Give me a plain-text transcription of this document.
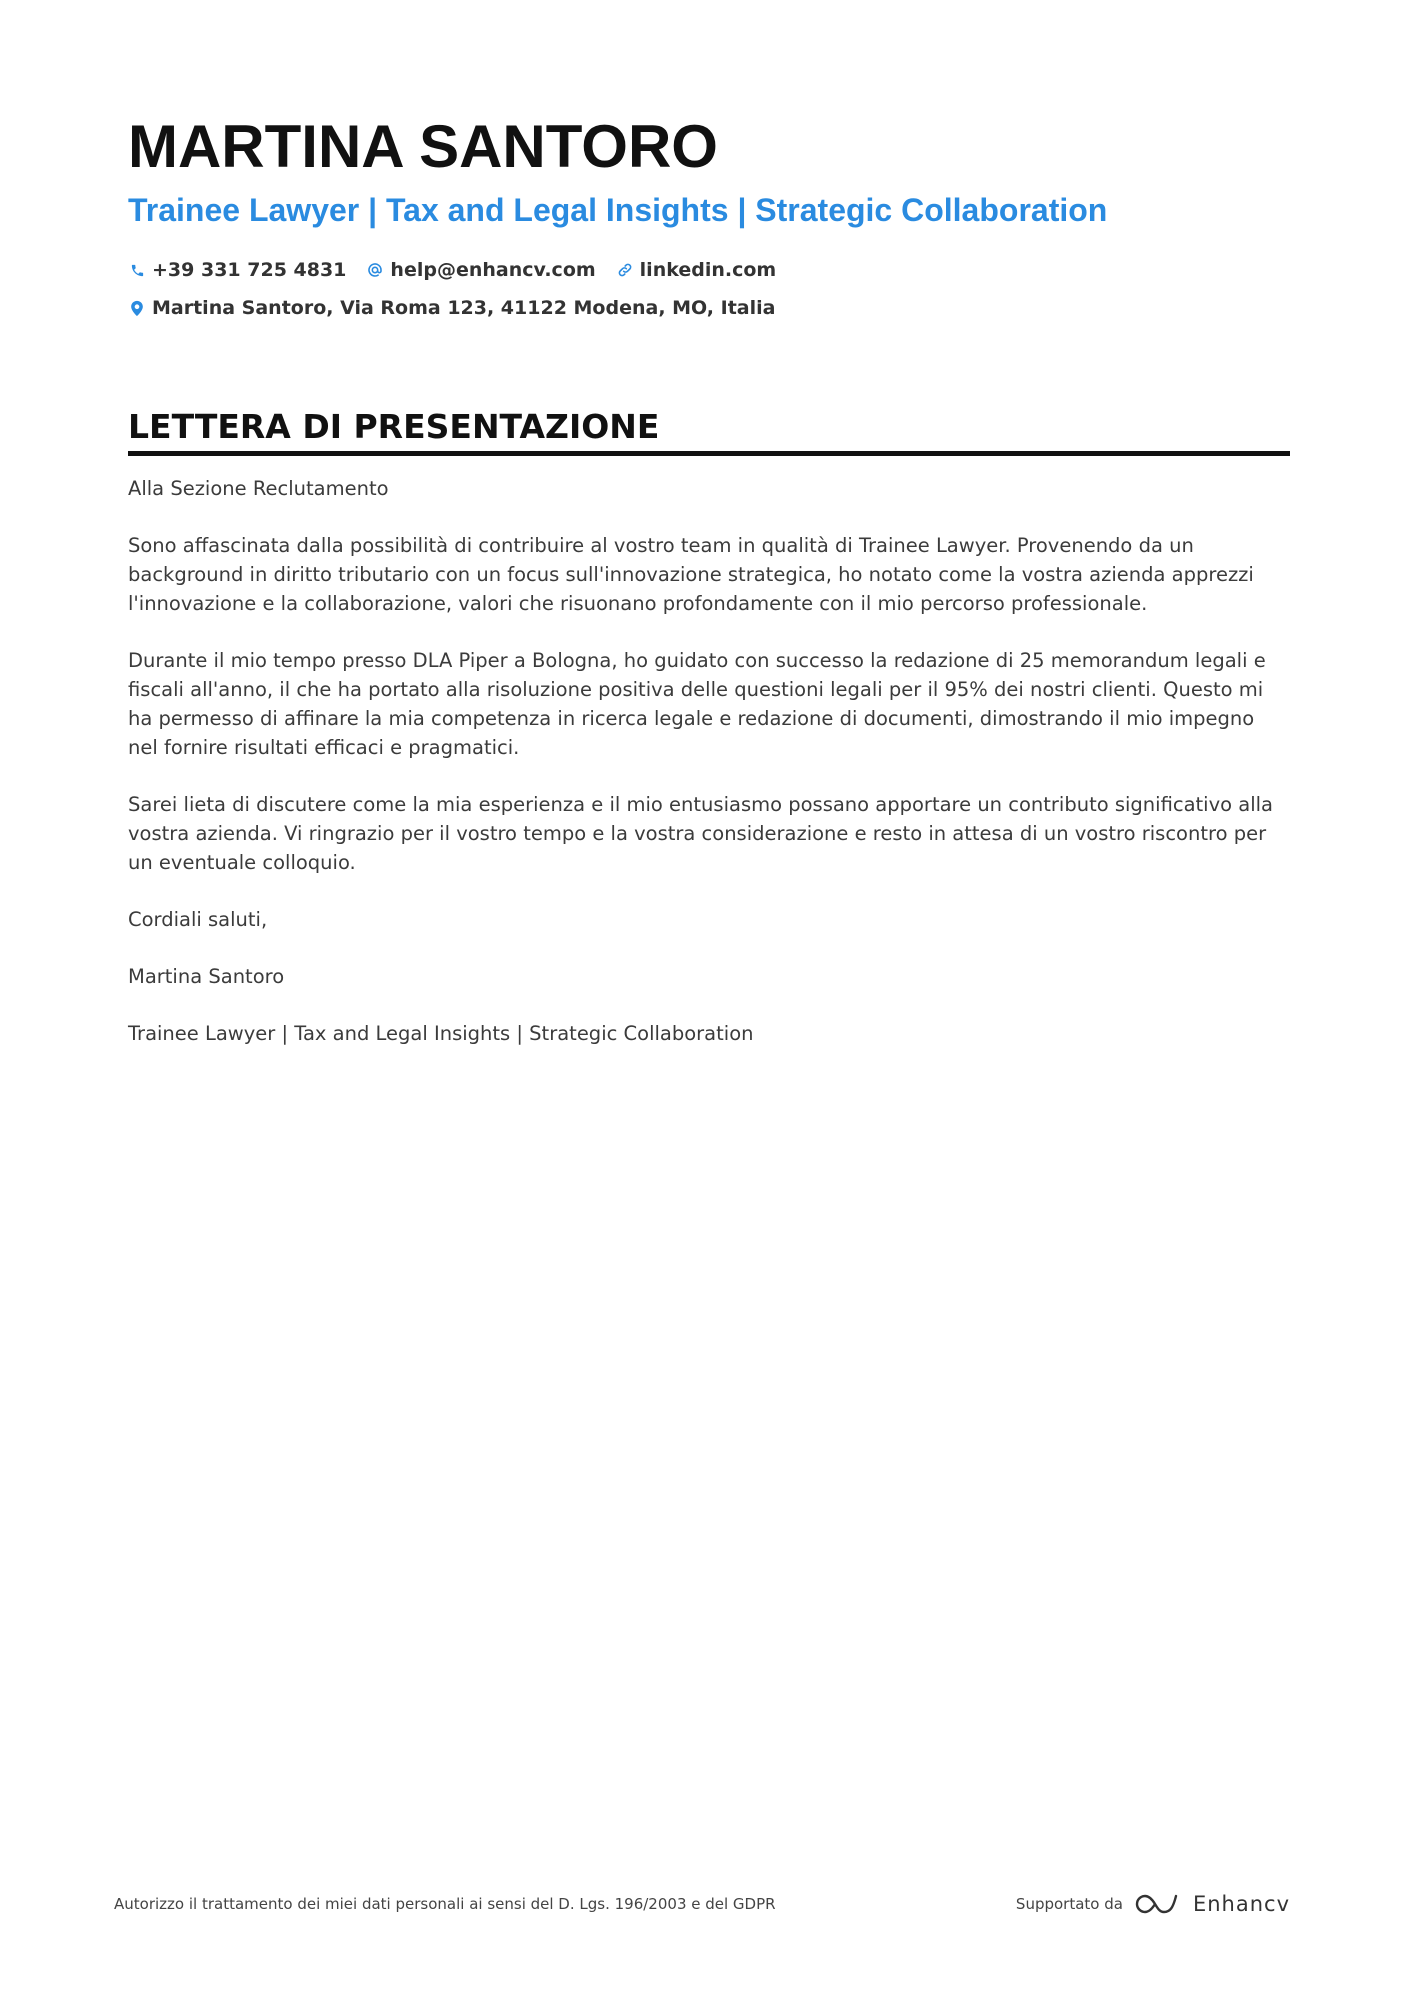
MARTINA SANTORO
Trainee Lawyer | Tax and Legal Insights | Strategic Collaboration
+39 331 725 4831 help@enhancv.com linkedin.com
Martina Santoro, Via Roma 123, 41122 Modena, MO, Italia
LETTERA DI PRESENTAZIONE

Alla Sezione Reclutamento

Sono affascinata dalla possibilità di contribuire al vostro team in qualità di Trainee Lawyer. Provenendo da un background in diritto tributario con un focus sull'innovazione strategica, ho notato come la vostra azienda apprezzi l'innovazione e la collaborazione, valori che risuonano profondamente con il mio percorso professionale.

Durante il mio tempo presso DLA Piper a Bologna, ho guidato con successo la redazione di 25 memorandum legali e fiscali all'anno, il che ha portato alla risoluzione positiva delle questioni legali per il 95% dei nostri clienti. Questo mi ha permesso di affinare la mia competenza in ricerca legale e redazione di documenti, dimostrando il mio impegno nel fornire risultati efficaci e pragmatici.

Sarei lieta di discutere come la mia esperienza e il mio entusiasmo possano apportare un contributo significativo alla vostra azienda. Vi ringrazio per il vostro tempo e la vostra considerazione e resto in attesa di un vostro riscontro per un eventuale colloquio.

Cordiali saluti,

Martina Santoro

Trainee Lawyer | Tax and Legal Insights | Strategic Collaboration

Autorizzo il trattamento dei miei dati personali ai sensi del D. Lgs. 196/2003 e del GDPR	Supportato da	Enhancv
